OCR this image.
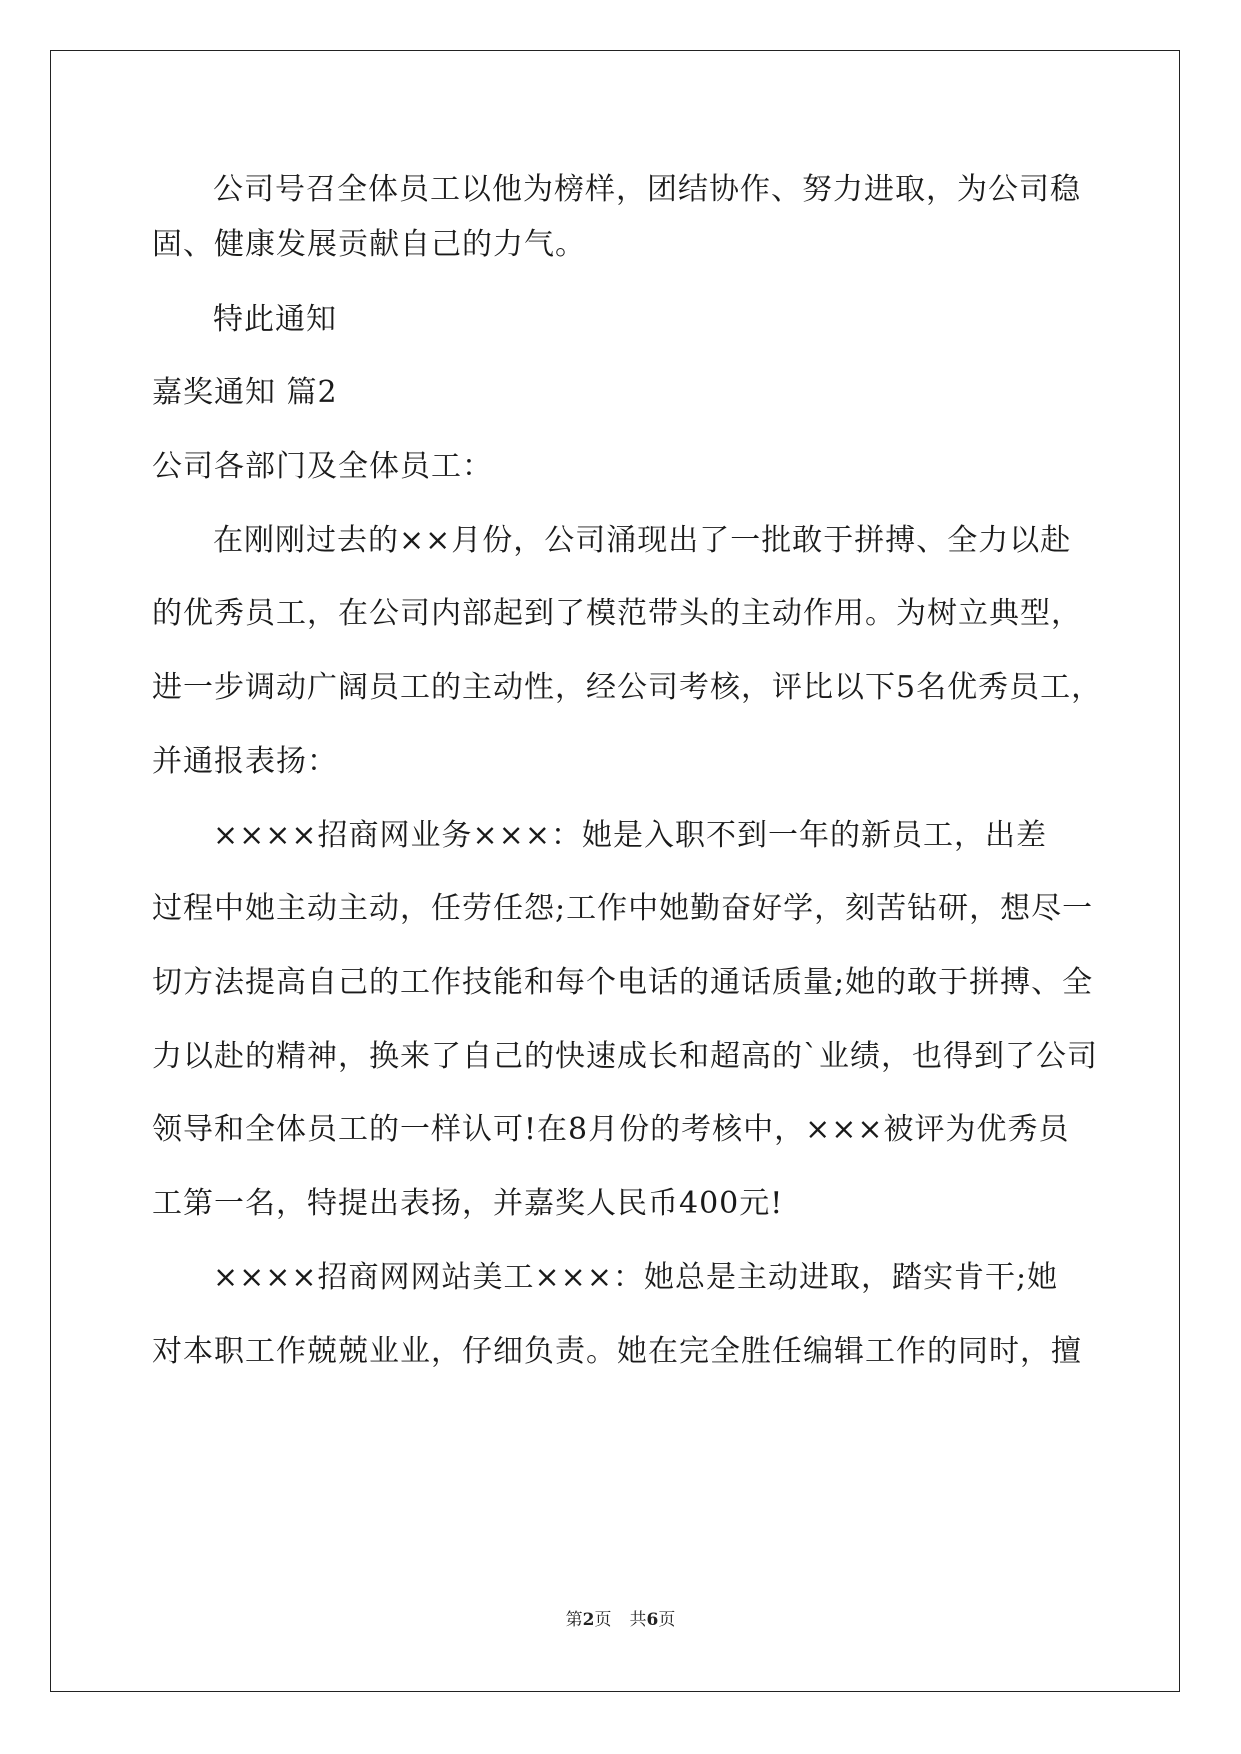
公司号召全体员工以他为榜样，团结协作、努力进取，为公司稳
固、健康发展贡献自己的力气。
特此通知
嘉奖通知 篇2
公司各部门及全体员工：
在刚刚过去的××月份，公司涌现出了一批敢于拼搏、全力以赴
的优秀员工，在公司内部起到了模范带头的主动作用。为树立典型，
进一步调动广阔员工的主动性，经公司考核，评比以下5名优秀员工，
并通报表扬：
××××招商网业务×××：她是入职不到一年的新员工，出差
过程中她主动主动，任劳任怨;工作中她勤奋好学，刻苦钻研，想尽一
切方法提高自己的工作技能和每个电话的通话质量;她的敢于拼搏、全
力以赴的精神，换来了自己的快速成长和超高的`业绩，也得到了公司
领导和全体员工的一样认可!在8月份的考核中，×××被评为优秀员
工第一名，特提出表扬，并嘉奖人民币400元!
××××招商网网站美工×××：她总是主动进取，踏实肯干;她
对本职工作兢兢业业，仔细负责。她在完全胜任编辑工作的同时，擅
第2页 共6页
